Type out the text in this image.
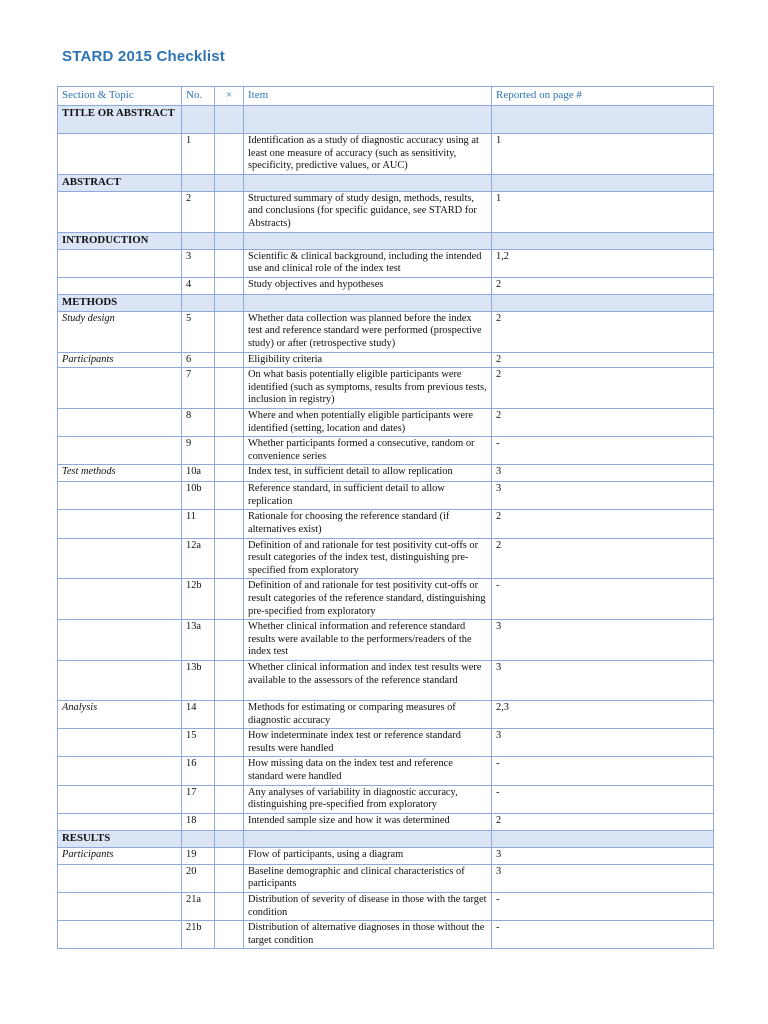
STARD 2015 Checklist
Section & Topic	No.	×	Item	Reported on page #
TITLE OR ABSTRACT				
	1		Identification as a study of diagnostic accuracy using at least one measure of accuracy (such as sensitivity, specificity, predictive values, or AUC)	1
ABSTRACT				
	2		Structured summary of study design, methods, results, and conclusions (for specific guidance, see STARD for Abstracts)	1
INTRODUCTION				
	3		Scientific & clinical background, including the intended use and clinical role of the index test	1,2
	4		Study objectives and hypotheses	2
METHODS				
Study design	5		Whether data collection was planned before the index test and reference standard were performed (prospective study) or after (retrospective study)	2
Participants	6		Eligibility criteria	2
	7		On what basis potentially eligible participants were identified (such as symptoms, results from previous tests, inclusion in registry)	2
	8		Where and when potentially eligible participants were identified (setting, location and dates)	2
	9		Whether participants formed a consecutive, random or convenience series	-
Test methods	10a		Index test, in sufficient detail to allow replication	3
	10b		Reference standard, in sufficient detail to allow replication	3
	11		Rationale for choosing the reference standard (if alternatives exist)	2
	12a		Definition of and rationale for test positivity cut-offs or result categories of the index test, distinguishing pre-specified from exploratory	2
	12b		Definition of and rationale for test positivity cut-offs or result categories of the reference standard, distinguishing pre-specified from exploratory	-
	13a		Whether clinical information and reference standard results were available to the performers/readers of the index test	3
	13b		Whether clinical information and index test results were available to the assessors of the reference standard	3
Analysis	14		Methods for estimating or comparing measures of diagnostic accuracy	2,3
	15		How indeterminate index test or reference standard results were handled	3
	16		How missing data on the index test and reference standard were handled	-
	17		Any analyses of variability in diagnostic accuracy, distinguishing pre-specified from exploratory	-
	18		Intended sample size and how it was determined	2
RESULTS				
Participants	19		Flow of participants, using a diagram	3
	20		Baseline demographic and clinical characteristics of participants	3
	21a		Distribution of severity of disease in those with the target condition	-
	21b		Distribution of alternative diagnoses in those without the target condition	-
